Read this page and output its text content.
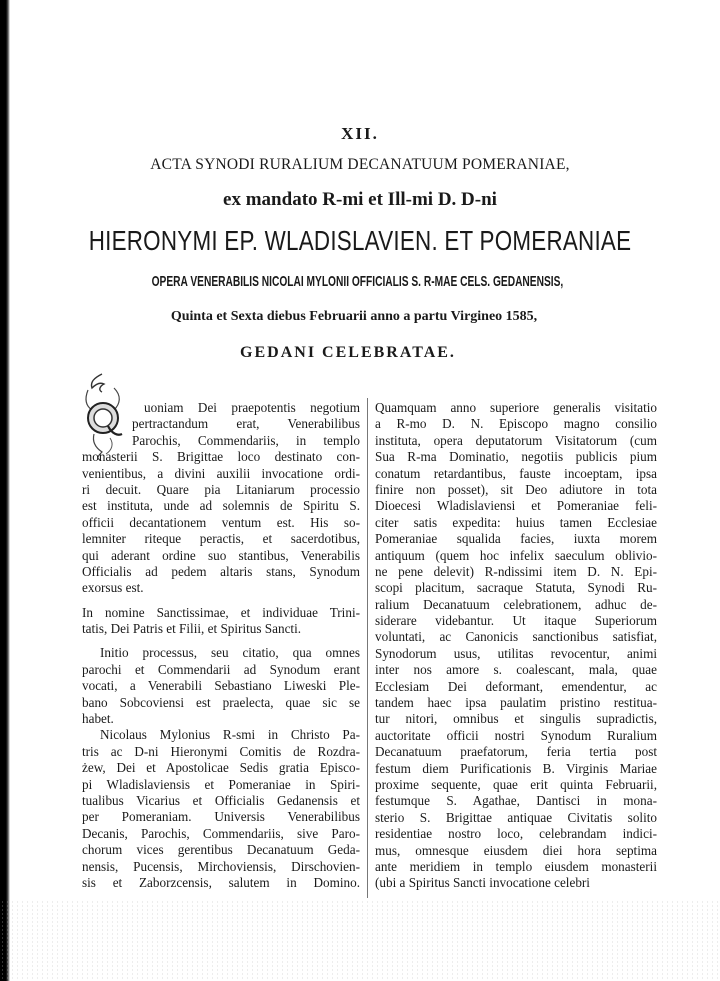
XII.
ACTA SYNODI RURALIUM DECANATUUM POMERANIAE,
ex mandato R-mi et Ill-mi D. D-ni
HIERONYMI EP. WLADISLAVIEN. ET POMERANIAE
OPERA VENERABILIS NICOLAI MYLONII OFFICIALIS S. R-MAE CELS. GEDANENSIS,
Quinta et Sexta diebus Februarii anno a partu Virgineo 1585,
GEDANI CELEBRATAE.
uoniam Dei praepotentis negotium
pertractandum erat, Venerabilibus
Parochis, Commendariis, in templo
monasterii S. Brigittae loco destinato con-
venientibus, a divini auxilii invocatione ordi-
ri decuit. Quare pia Litaniarum processio
est instituta, unde ad solemnis de Spiritu S.
officii decantationem ventum est. His so-
lemniter riteque peractis, et sacerdotibus,
qui aderant ordine suo stantibus, Venerabilis
Officialis ad pedem altaris stans, Synodum
exorsus est.
In nomine Sanctissimae, et individuae Trini-
tatis, Dei Patris et Filii, et Spiritus Sancti.
Initio processus, seu citatio, qua omnes
parochi et Commendarii ad Synodum erant
vocati, a Venerabili Sebastiano Liweski Ple-
bano Sobcoviensi est praelecta, quae sic se
habet.
Nicolaus Mylonius R-smi in Christo Pa-
tris ac D-ni Hieronymi Comitis de Rozdra-
żew, Dei et Apostolicae Sedis gratia Episco-
pi Wladislaviensis et Pomeraniae in Spiri-
tualibus Vicarius et Officialis Gedanensis et
per Pomeraniam. Universis Venerabilibus
Decanis, Parochis, Commendariis, sive Paro-
chorum vices gerentibus Decanatuum Geda-
nensis, Pucensis, Mirchoviensis, Dirschovien-
sis et Zaborzcensis, salutem in Domino.
Quamquam anno superiore generalis visitatio
a R-mo D. N. Episcopo magno consilio
instituta, opera deputatorum Visitatorum (cum
Sua R-ma Dominatio, negotiis publicis pium
conatum retardantibus, fauste incoeptam, ipsa
finire non posset), sit Deo adiutore in tota
Dioecesi Wladislaviensi et Pomeraniae feli-
citer satis expedita: huius tamen Ecclesiae
Pomeraniae squalida facies, iuxta morem
antiquum (quem hoc infelix saeculum oblivio-
ne pene delevit) R-ndissimi item D. N. Epi-
scopi placitum, sacraque Statuta, Synodi Ru-
ralium Decanatuum celebrationem, adhuc de-
siderare videbantur. Ut itaque Superiorum
voluntati, ac Canonicis sanctionibus satisfiat,
Synodorum usus, utilitas revocentur, animi
inter nos amore s. coalescant, mala, quae
Ecclesiam Dei deformant, emendentur, ac
tandem haec ipsa paulatim pristino restitua-
tur nitori, omnibus et singulis supradictis,
auctoritate officii nostri Synodum Ruralium
Decanatuum praefatorum, feria tertia post
festum diem Purificationis B. Virginis Mariae
proxime sequente, quae erit quinta Februarii,
festumque S. Agathae, Dantisci in mona-
sterio S. Brigittae antiquae Civitatis solito
residentiae nostro loco, celebrandam indici-
mus, omnesque eiusdem diei hora septima
ante meridiem in templo eiusdem monasterii
(ubi a Spiritus Sancti invocatione celebri
